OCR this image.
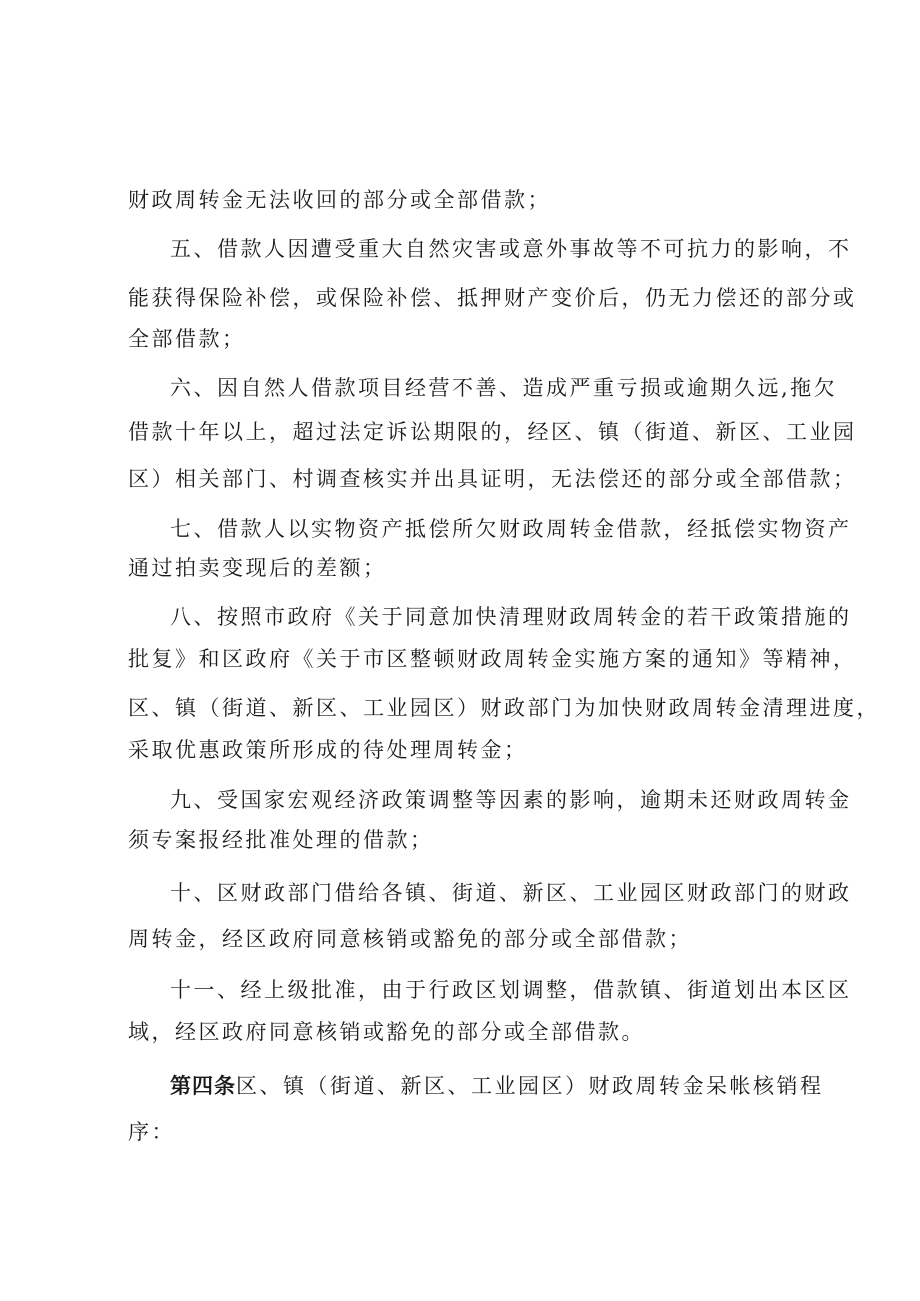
财政周转金无法收回的部分或全部借款；
五、借款人因遭受重大自然灾害或意外事故等不可抗力的影响，不
能获得保险补偿，或保险补偿、抵押财产变价后，仍无力偿还的部分或
全部借款；
六、因自然人借款项目经营不善、造成严重亏损或逾期久远,拖欠
借款十年以上，超过法定诉讼期限的，经区、镇（街道、新区、工业园
区）相关部门、村调查核实并出具证明，无法偿还的部分或全部借款；
七、借款人以实物资产抵偿所欠财政周转金借款，经抵偿实物资产
通过拍卖变现后的差额；
八、按照市政府《关于同意加快清理财政周转金的若干政策措施的
批复》和区政府《关于市区整顿财政周转金实施方案的通知》等精神，
区、镇（街道、新区、工业园区）财政部门为加快财政周转金清理进度，
采取优惠政策所形成的待处理周转金；
九、受国家宏观经济政策调整等因素的影响，逾期未还财政周转金
须专案报经批准处理的借款；
十、区财政部门借给各镇、街道、新区、工业园区财政部门的财政
周转金，经区政府同意核销或豁免的部分或全部借款；
十一、经上级批准，由于行政区划调整，借款镇、街道划出本区区
域，经区政府同意核销或豁免的部分或全部借款。
第四条区、镇（街道、新区、工业园区）财政周转金呆帐核销程
序：
